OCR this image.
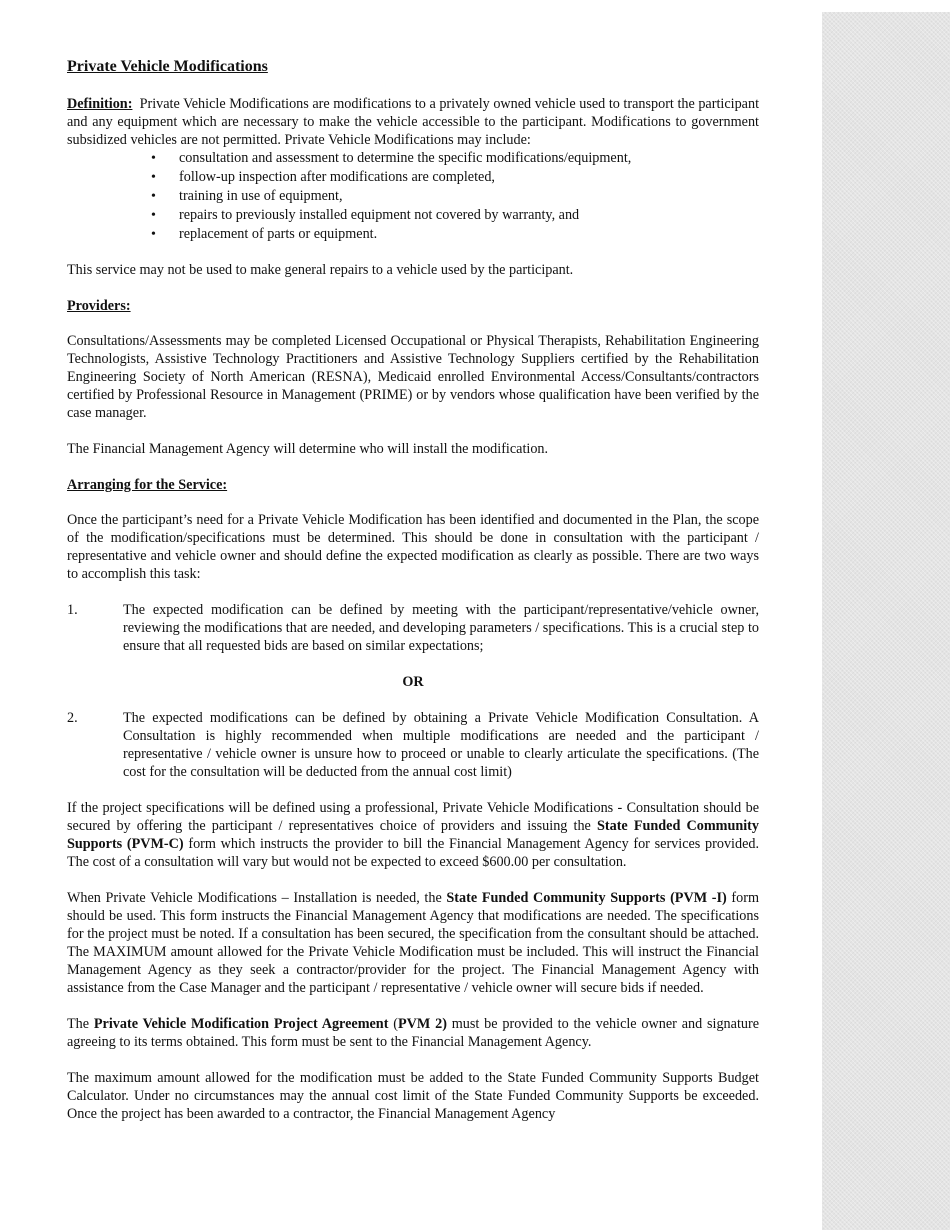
Private Vehicle Modifications

Definition: Private Vehicle Modifications are modifications to a privately owned vehicle used to transport the participant and any equipment which are necessary to make the vehicle accessible to the participant. Modifications to government subsidized vehicles are not permitted. Private Vehicle Modifications may include:

• consultation and assessment to determine the specific modifications/equipment,
• follow-up inspection after modifications are completed,
• training in use of equipment,
• repairs to previously installed equipment not covered by warranty, and
• replacement of parts or equipment.

This service may not be used to make general repairs to a vehicle used by the participant.

Providers:

Consultations/Assessments may be completed Licensed Occupational or Physical Therapists, Rehabilitation Engineering Technologists, Assistive Technology Practitioners and Assistive Technology Suppliers certified by the Rehabilitation Engineering Society of North American (RESNA), Medicaid enrolled Environmental Access/Consultants/contractors certified by Professional Resource in Management (PRIME) or by vendors whose qualification have been verified by the case manager.

The Financial Management Agency will determine who will install the modification.

Arranging for the Service:

Once the participant’s need for a Private Vehicle Modification has been identified and documented in the Plan, the scope of the modification/specifications must be determined. This should be done in consultation with the participant / representative and vehicle owner and should define the expected modification as clearly as possible. There are two ways to accomplish this task:

1.	The expected modification can be defined by meeting with the participant/representative/vehicle owner, reviewing the modifications that are needed, and developing parameters / specifications. This is a crucial step to ensure that all requested bids are based on similar expectations;
OR
2.	The expected modifications can be defined by obtaining a Private Vehicle Modification Consultation. A Consultation is highly recommended when multiple modifications are needed and the participant / representative / vehicle owner is unsure how to proceed or unable to clearly articulate the specifications. (The cost for the consultation will be deducted from the annual cost limit)

If the project specifications will be defined using a professional, Private Vehicle Modifications - Consultation should be secured by offering the participant / representatives choice of providers and issuing the State Funded Community Supports (PVM-C) form which instructs the provider to bill the Financial Management Agency for services provided. The cost of a consultation will vary but would not be expected to exceed $600.00 per consultation.

When Private Vehicle Modifications – Installation is needed, the State Funded Community Supports (PVM -I) form should be used. This form instructs the Financial Management Agency that modifications are needed. The specifications for the project must be noted. If a consultation has been secured, the specification from the consultant should be attached. The MAXIMUM amount allowed for the Private Vehicle Modification must be included. This will instruct the Financial Management Agency as they seek a contractor/provider for the project. The Financial Management Agency with assistance from the Case Manager and the participant / representative / vehicle owner will secure bids if needed.

The Private Vehicle Modification Project Agreement (PVM 2) must be provided to the vehicle owner and signature agreeing to its terms obtained. This form must be sent to the Financial Management Agency.

The maximum amount allowed for the modification must be added to the State Funded Community Supports Budget Calculator. Under no circumstances may the annual cost limit of the State Funded Community Supports be exceeded. Once the project has been awarded to a contractor, the Financial Management Agency
